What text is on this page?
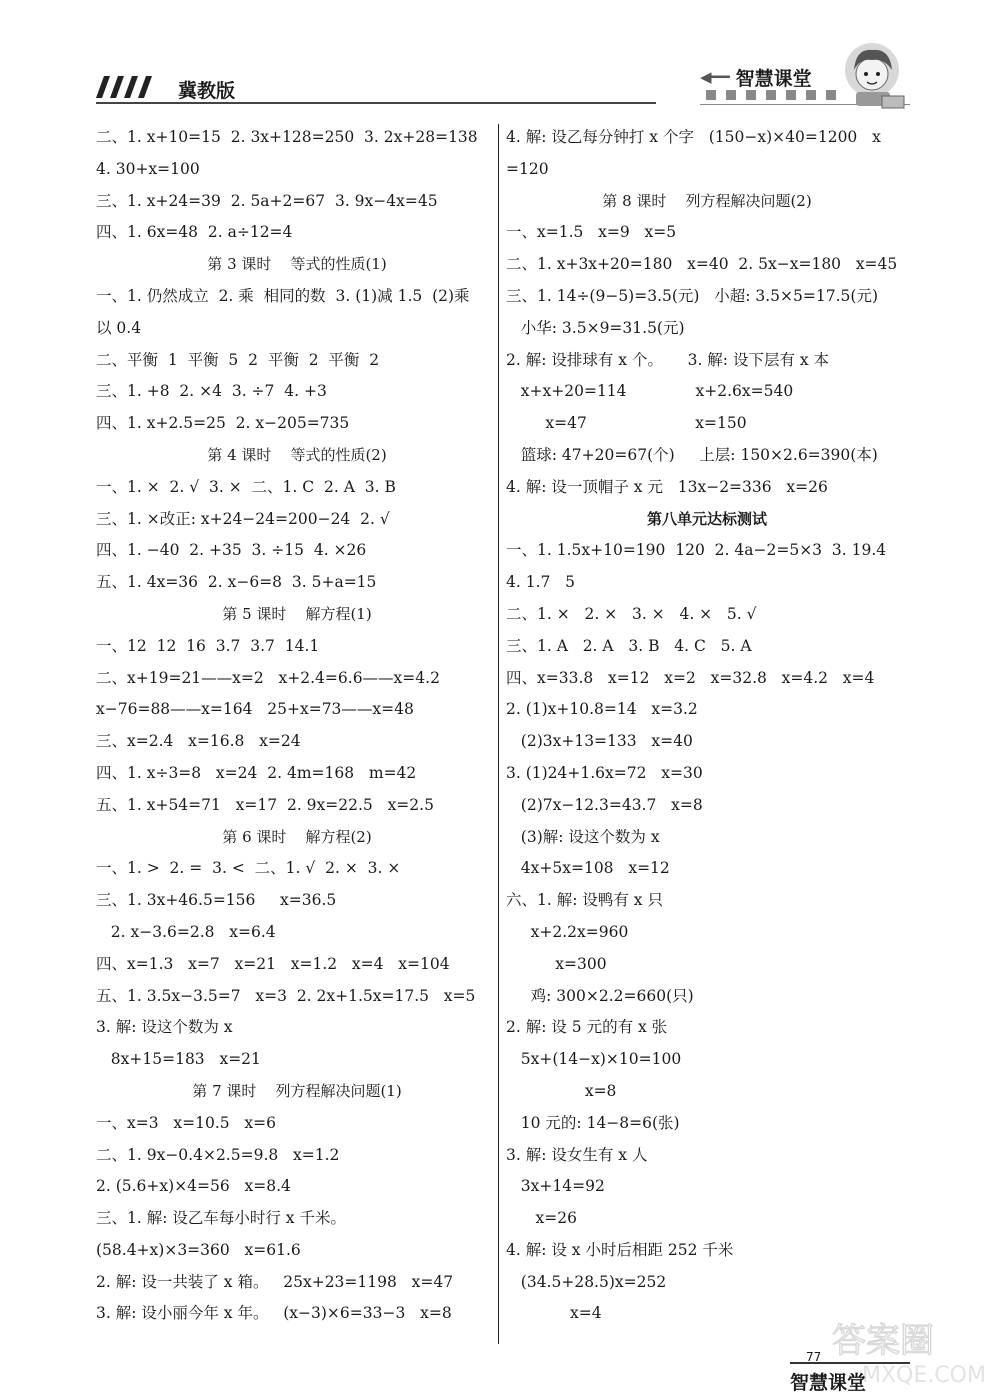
冀教版
◀━━ 智慧课堂
二、1. x+10=15  2. 3x+128=250  3. 2x+28=138
4. 30+x=100
三、1. x+24=39  2. 5a+2=67  3. 9x−4x=45
四、1. 6x=48  2. a÷12=4
第 3 课时    等式的性质(1)
一、1. 仍然成立  2. 乘  相同的数  3. (1)减 1.5  (2)乘
以 0.4
二、平衡  1  平衡  5  2  平衡  2  平衡  2
三、1. +8  2. ×4  3. ÷7  4. +3
四、1. x+2.5=25  2. x−205=735
第 4 课时    等式的性质(2)
一、1. ×  2. √  3. ×  二、1. C  2. A  3. B
三、1. ×改正: x+24−24=200−24  2. √
四、1. −40  2. +35  3. ÷15  4. ×26
五、1. 4x=36  2. x−6=8  3. 5+a=15
第 5 课时    解方程(1)
一、12  12  16  3.7  3.7  14.1
二、x+19=21——x=2   x+2.4=6.6——x=4.2
x−76=88——x=164   25+x=73——x=48
三、x=2.4   x=16.8   x=24
四、1. x÷3=8   x=24  2. 4m=168   m=42
五、1. x+54=71   x=17  2. 9x=22.5   x=2.5
第 6 课时    解方程(2)
一、1. >  2. =  3. <  二、1. √  2. ×  3. ×
三、1. 3x+46.5=156     x=36.5
2. x−3.6=2.8   x=6.4
四、x=1.3   x=7   x=21   x=1.2   x=4   x=104
五、1. 3.5x−3.5=7   x=3  2. 2x+1.5x=17.5   x=5
3. 解: 设这个数为 x
8x+15=183   x=21
第 7 课时    列方程解决问题(1)
一、x=3   x=10.5   x=6
二、1. 9x−0.4×2.5=9.8   x=1.2
2. (5.6+x)×4=56   x=8.4
三、1. 解: 设乙车每小时行 x 千米。
(58.4+x)×3=360   x=61.6
2. 解: 设一共装了 x 箱。   25x+23=1198   x=47
3. 解: 设小丽今年 x 年。   (x−3)×6=33−3   x=8
4. 解: 设乙每分钟打 x 个字   (150−x)×40=1200   x
=120
第 8 课时    列方程解决问题(2)
一、x=1.5   x=9   x=5
二、1. x+3x+20=180   x=40  2. 5x−x=180   x=45
三、1. 14÷(9−5)=3.5(元)   小超: 3.5×5=17.5(元)
小华: 3.5×9=31.5(元)
2. 解: 设排球有 x 个。     3. 解: 设下层有 x 本
x+x+20=114              x+2.6x=540
x=47                      x=150
篮球: 47+20=67(个)     上层: 150×2.6=390(本)
4. 解: 设一顶帽子 x 元   13x−2=336   x=26
第八单元达标测试
一、1. 1.5x+10=190  120  2. 4a−2=5×3  3. 19.4
4. 1.7   5
二、1. ×   2. ×   3. ×   4. ×   5. √
三、1. A   2. A   3. B   4. C   5. A
四、x=33.8   x=12   x=2   x=32.8   x=4.2   x=4
2. (1)x+10.8=14   x=3.2
(2)3x+13=133   x=40
3. (1)24+1.6x=72   x=30
(2)7x−12.3=43.7   x=8
(3)解: 设这个数为 x
4x+5x=108   x=12
六、1. 解: 设鸭有 x 只
x+2.2x=960
x=300
鸡: 300×2.2=660(只)
2. 解: 设 5 元的有 x 张
5x+(14−x)×10=100
x=8
10 元的: 14−8=6(张)
3. 解: 设女生有 x 人
3x+14=92
x=26
4. 解: 设 x 小时后相距 252 千米
(34.5+28.5)x=252
x=4
77
智慧课堂
答案圈
MXQE.COM
